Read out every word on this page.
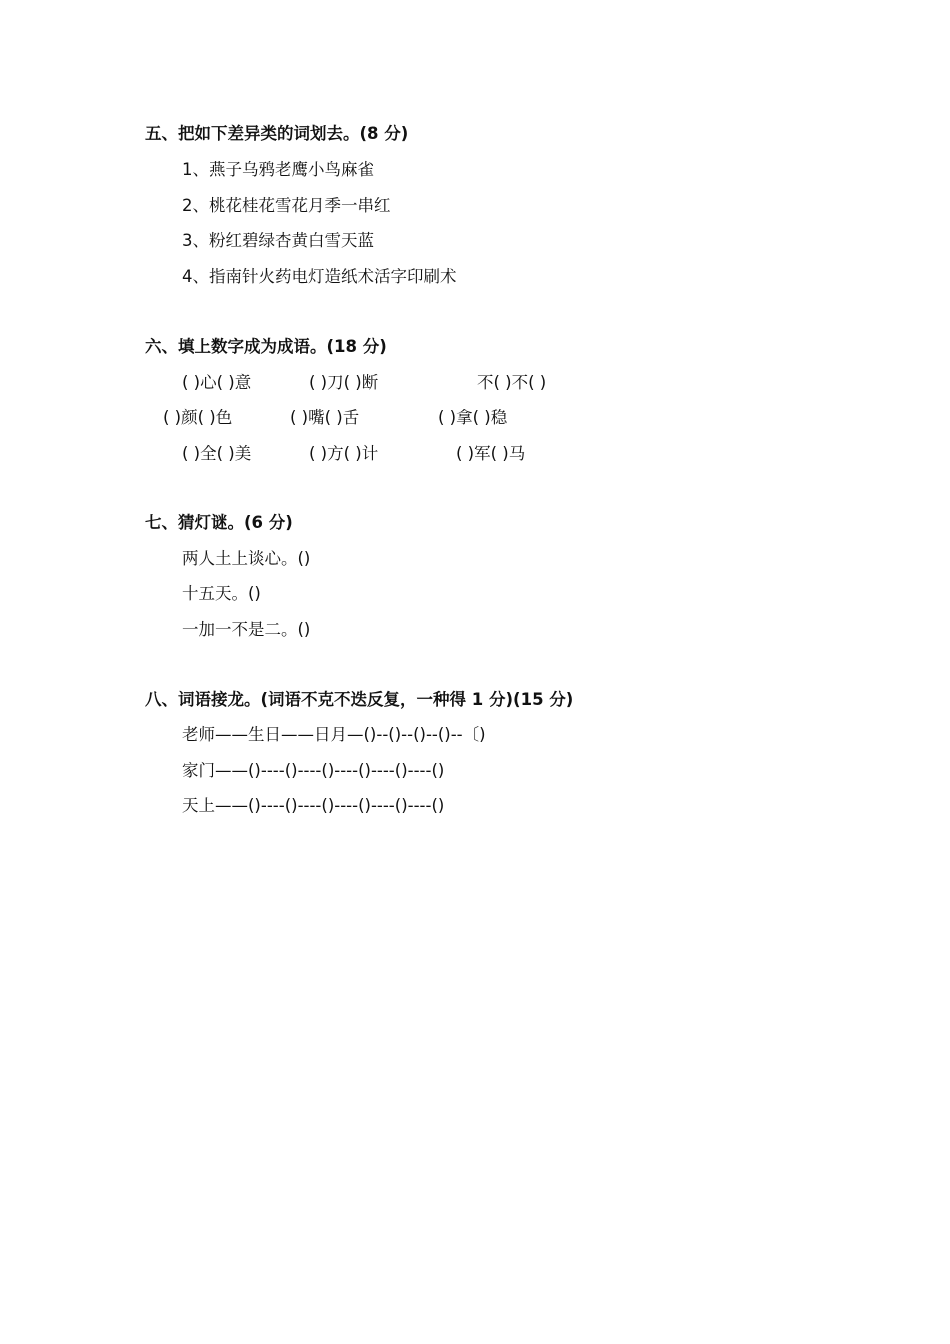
五、把如下差异类的词划去。(8 分)
1、燕子乌鸦老鹰小鸟麻雀
2、桃花桂花雪花月季一串红
3、粉红碧绿杏黄白雪天蓝
4、指南针火药电灯造纸术活字印刷术
六、填上数字成为成语。(18 分)
( )心( )意	( )刀( )断	不( )不( )
( )颜( )色	( )嘴( )舌	( )拿( )稳
( )全( )美	( )方( )计	( )军( )马
七、猜灯谜。(6 分)
两人土上谈心。()
十五天。()
一加一不是二。()
八、词语接龙。(词语不克不迭反复，一种得 1 分)(15 分)
老师——生日——日月—()--()--()--()--〔)
家门——()----()----()----()----()----()
天上——()----()----()----()----()----()
